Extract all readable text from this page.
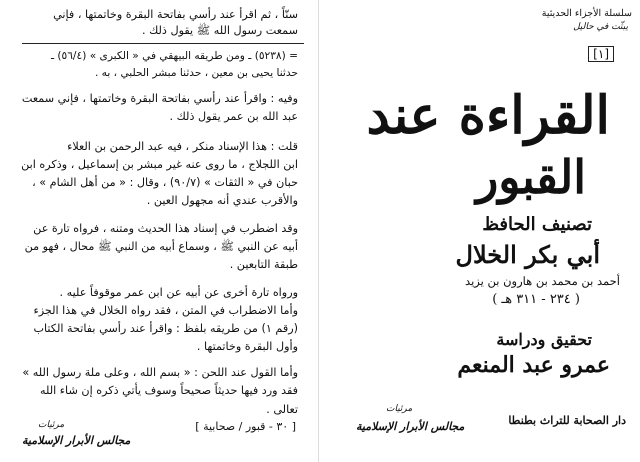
سنّاً ، ثم اقرأ عند رأسي بفاتحة البقرة وخاتمتها ، فإني
سمعت رسول الله ﷺ يقول ذلك .
= (٥٢٣٨) ـ ومن طريقه البيهقي في « الكبرى » (٥٦/٤) ـ
حدثنا يحيى بن معين ، حدثنا مبشر الحلبي ، به .
وفيه : واقرأ عند رأسي بفاتحة البقرة وخاتمتها ، فإني سمعت
عبد الله بن عمر يقول ذلك .
قلت : هذا الإسناد منكر ، فيه عبد الرحمن بن العلاء
ابن اللجلاج ، ما روى عنه غير مبشر بن إسماعيل ، وذكره ابن
حبان في « الثقات » (٩٠/٧) ، وقال : « من أهل الشام » ،
والأقرب عندي أنه مجهول العين .
وقد اضطرب في إسناد هذا الحديث ومتنه ، فرواه تارة عن
أبيه عن النبي ﷺ ، وسماع أبيه من النبي ﷺ محال ، فهو من
طبقة التابعين .
ورواه تارة أخرى عن أبيه عن ابن عمر موقوفاً عليه .
وأما الاضطراب في المتن ، فقد رواه الخلال في هذا الجزء
(رقم ١) من طريقه بلفظ : واقرأ عند رأسي بفاتحة الكتاب
وأول البقرة وخاتمتها .
وأما القول عند اللحن : « بسم الله ، وعلى ملة رسول الله »
فقد ورد فيها حديثاً صحيحاً وسوف يأتي ذكره إن شاء الله
تعالى .
[ ٣٠ - قبور / صحابية ]
مرئيات
مجالس الأبرار الإسلامية
سلسلة الأجزاء الحديثية
يبثّت في حاليل
[١]
القراءة عند
القبور
تصنيف الحافظ
أبي بكر الخلال
أحمد بن محمد بن هارون بن يزيد
( ٢٣٤ - ٣١١ هـ )
تحقيق ودراسة
عمرو عبد المنعم
مرئيات
مجالس الأبرار الإسلامية	دار الصحابة للتراث بطنطا
